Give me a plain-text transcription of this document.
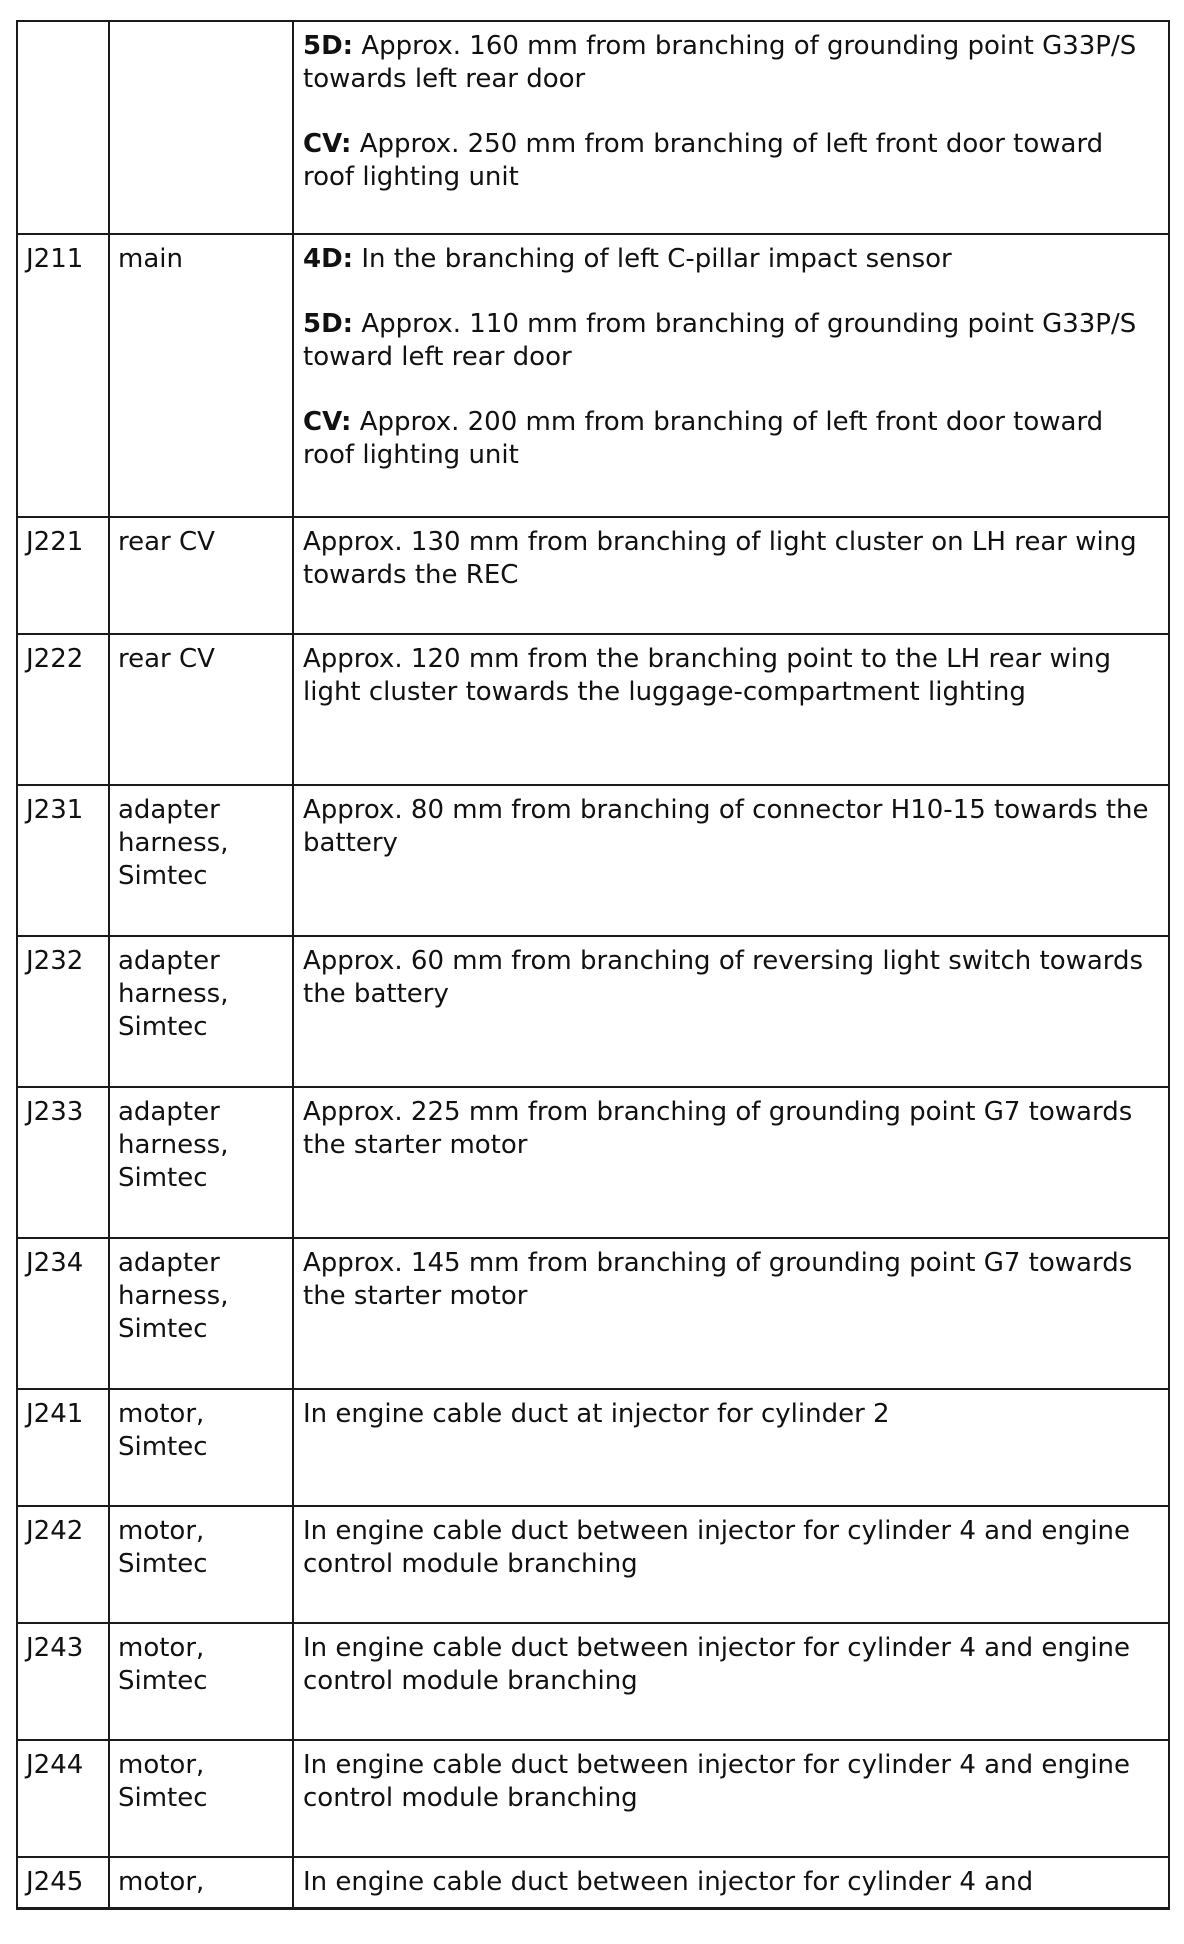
		5D: Approx. 160 mm from branching of grounding point G33P/S towards left rear door

CV: Approx. 250 mm from branching of left front door toward roof lighting unit

J211	main	4D: In the branching of left C-pillar impact sensor

5D: Approx. 110 mm from branching of grounding point G33P/S toward left rear door

CV: Approx. 200 mm from branching of left front door toward roof lighting unit

J221	rear CV	Approx. 130 mm from branching of light cluster on LH rear wing towards the REC

J222	rear CV	Approx. 120 mm from the branching point to the LH rear wing light cluster towards the luggage-compartment lighting

J231	adapter harness, Simtec	Approx. 80 mm from branching of connector H10-15 towards the battery

J232	adapter harness, Simtec	Approx. 60 mm from branching of reversing light switch towards the battery

J233	adapter harness, Simtec	Approx. 225 mm from branching of grounding point G7 towards the starter motor

J234	adapter harness, Simtec	Approx. 145 mm from branching of grounding point G7 towards the starter motor

J241	motor, Simtec	In engine cable duct at injector for cylinder 2

J242	motor, Simtec	In engine cable duct between injector for cylinder 4 and engine control module branching

J243	motor, Simtec	In engine cable duct between injector for cylinder 4 and engine control module branching

J244	motor, Simtec	In engine cable duct between injector for cylinder 4 and engine control module branching

J245	motor,	In engine cable duct between injector for cylinder 4 and
